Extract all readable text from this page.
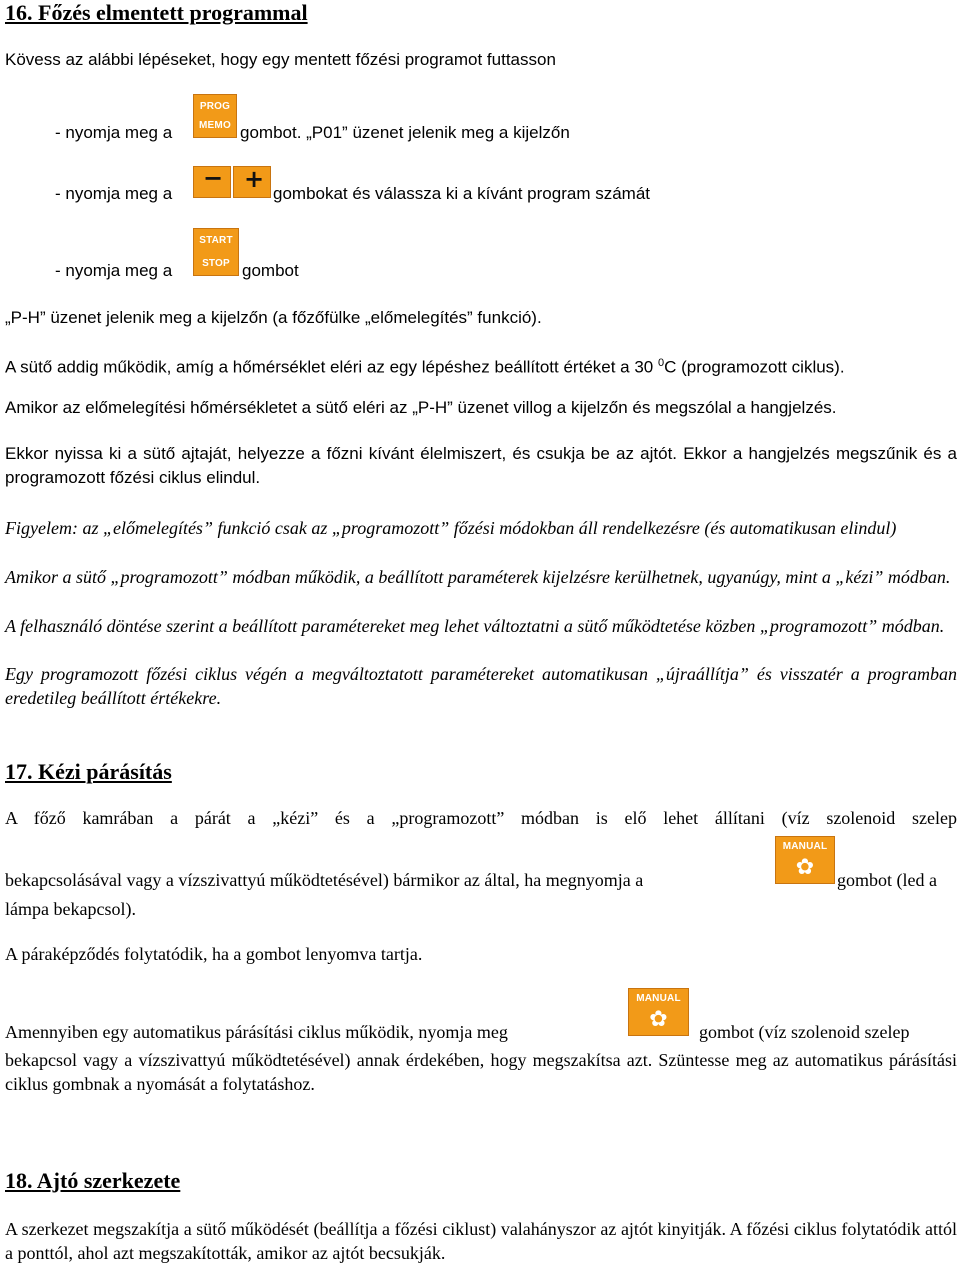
16. Főzés elmentett programmal
Kövess az alábbi lépéseket, hogy egy mentett főzési programot futtasson
- nyomja meg a
PROG
MEMO gombot. „P01” üzenet jelenik meg a kijelzőn
- nyomja meg a
− +
gombokat és válassza ki a kívánt program számát
- nyomja meg a
START
STOP gombot
„P-H” üzenet jelenik meg a kijelzőn (a főzőfülke „előmelegítés” funkció).
A sütő addig működik, amíg a hőmérséklet eléri az egy lépéshez beállított értéket a 30 $^0$C (programozott ciklus).
Amikor az előmelegítési hőmérsékletet a sütő eléri az „P-H” üzenet villog a kijelzőn és megszólal a hangjelzés.
Ekkor nyissa ki a sütő ajtaját, helyezze a főzni kívánt élelmiszert, és csukja be az ajtót. Ekkor a hangjelzés megszűnik és a programozott főzési ciklus elindul.
Figyelem: az „előmelegítés” funkció csak az „programozott” főzési módokban áll rendelkezésre (és automatikusan elindul)
Amikor a sütő „programozott” módban működik, a beállított paraméterek kijelzésre kerülhetnek, ugyanúgy, mint a „kézi” módban.
A felhasználó döntése szerint a beállított paramétereket meg lehet változtatni a sütő működtetése közben „programozott” módban.
Egy programozott főzési ciklus végén a megváltoztatott paramétereket automatikusan „újraállítja” és visszatér a programban eredetileg beállított értékekre.
17. Kézi párásítás
A főző kamrában a párát a „kézi” és a „programozott” módban is elő lehet állítani (víz szolenoid szelep
bekapcsolásával vagy a vízszivattyú működtetésével) bármikor az által, ha megnyomja a
MANUAL
✿	gombot (led a
lámpa bekapcsol).
A páraképződés folytatódik, ha a gombot lenyomva tartja.
Amennyiben egy automatikus párásítási ciklus működik, nyomja meg
MANUAL
✿	gombot (víz szolenoid szelep
bekapcsol vagy a vízszivattyú működtetésével) annak érdekében, hogy megszakítsa azt. Szüntesse meg az automatikus párásítási ciklus gombnak a nyomását a folytatáshoz.
18. Ajtó szerkezete
A szerkezet megszakítja a sütő működését (beállítja a főzési ciklust) valahányszor az ajtót kinyitják. A főzési ciklus folytatódik attól a ponttól, ahol azt megszakították, amikor az ajtót becsukják.
